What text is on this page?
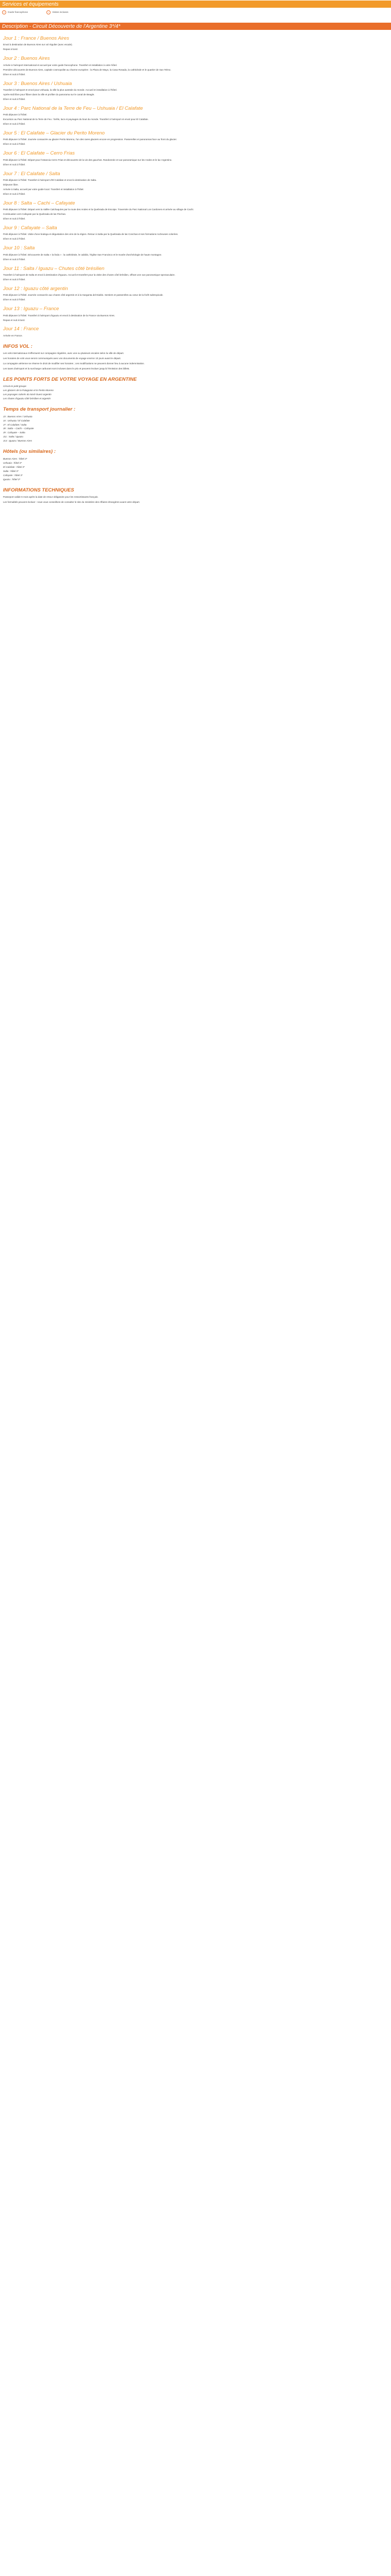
Services et équipements
☺	Guide francophone	✓	Visites incluses
Description - Circuit Découverte de l'Argentine 3*/4*
Jour 1 : France / Buenos Aires

Envol à destination de Buenos Aires sur vol régulier (avec escale).

Repas à bord.

Jour 2 : Buenos Aires

Arrivée à l'aéroport international et accueil par votre guide francophone. Transfert et installation à votre hôtel.

Première découverte de Buenos Aires, capitale cosmopolite au charme européen : la Plaza de Mayo, la Casa Rosada, la cathédrale et le quartier de San Telmo.

Dîner et nuit à l'hôtel.

Jour 3 : Buenos Aires / Ushuaia

Transfert à l'aéroport et envol pour Ushuaia, la ville la plus australe du monde. Accueil et installation à l'hôtel.

Après-midi libre pour flâner dans la ville et profiter du panorama sur le canal de Beagle.

Dîner et nuit à l'hôtel.

Jour 4 : Parc National de la Terre de Feu – Ushuaia / El Calafate

Petit déjeuner à l'hôtel.

Excursion au Parc National de la Terre de Feu : forêts, lacs et paysages du bout du monde. Transfert à l'aéroport et envol pour El Calafate.

Dîner et nuit à l'hôtel.

Jour 5 : El Calafate – Glacier du Perito Moreno

Petit déjeuner à l'hôtel. Journée consacrée au glacier Perito Moreno, l'un des rares glaciers encore en progression. Passerelles et panoramas face au front du glacier.

Dîner et nuit à l'hôtel.

Jour 6 : El Calafate – Cerro Frias

Petit déjeuner à l'hôtel. Départ pour l'estancia Cerro Frias et découverte de la vie des gauchos. Randonnée et vue panoramique sur les Andes et le lac Argentino.

Dîner et nuit à l'hôtel.

Jour 7 : El Calafate / Salta

Petit déjeuner à l'hôtel. Transfert à l'aéroport d'El Calafate et envol à destination de Salta.

Déjeuner libre.

Arrivée à Salta, accueil par votre guide local. Transfert et installation à l'hôtel.

Dîner et nuit à l'hôtel.

Jour 8 : Salta – Cachi – Cafayate

Petit déjeuner à l'hôtel. Départ vers la Vallée Calchaquíes par la route des Andes et la Quebrada de Escoipe. Traversée du Parc National Los Cardones et arrivée au village de Cachi.

Continuation vers Cafayate par la Quebrada de las Flechas.

Dîner et nuit à l'hôtel.

Jour 9 : Cafayate – Salta

Petit déjeuner à l'hôtel. Visite d'une bodega et dégustation des vins de la région. Retour à Salta par la Quebrada de las Conchas et ses formations rocheuses colorées.

Dîner et nuit à l'hôtel.

Jour 10 : Salta

Petit déjeuner à l'hôtel. Découverte de Salta « la linda » : la cathédrale, le cabildo, l'église San Francisco et le musée d'archéologie de haute montagne.

Dîner et nuit à l'hôtel.

Jour 11 : Salta / Iguazu – Chutes côté brésilien

Transfert à l'aéroport de Salta et envol à destination d'Iguazu. Accueil et transfert pour la visite des chutes côté brésilien, offrant une vue panoramique spectaculaire.

Dîner et nuit à l'hôtel.

Jour 12 : Iguazu côté argentin

Petit déjeuner à l'hôtel. Journée consacrée aux chutes côté argentin et à la Garganta del Diablo. Sentiers et passerelles au cœur de la forêt subtropicale.

Dîner et nuit à l'hôtel.

Jour 13 : Iguazu – France

Petit déjeuner à l'hôtel. Transfert à l'aéroport d'Iguazu et envol à destination de la France via Buenos Aires.

Repas et nuit à bord.

Jour 14 : France

Arrivée en France.

INFOS VOL :

Les vols internationaux s'effectuent sur compagnie régulière, avec une ou plusieurs escales selon la ville de départ.

Les horaires de vols vous seront communiqués avec vos documents de voyage environ 10 jours avant le départ.

La compagnie aérienne se réserve le droit de modifier ses horaires ; ces modifications ne peuvent donner lieu à aucune indemnisation.

Les taxes d'aéroport et la surcharge carburant sont incluses dans le prix et peuvent évoluer jusqu'à l'émission des billets.

LES POINTS FORTS DE VOTRE VOYAGE EN ARGENTINE

Circuit en petit groupe

Les glaciers de la Patagonie et le Perito Moreno

Les paysages colorés du Nord-Ouest argentin

Les chutes d'Iguazu côté brésilien et argentin

Temps de transport journalier :

J3 : Buenos Aires / Ushuaia

J4 : Ushuaia / El Calafate

J7 : El Calafate / Salta

J8 : Salta – Cachi – Cafayate

J9 : Cafayate – Salta

J11 : Salta / Iguazu

J13 : Iguazu / Buenos Aires

Hôtels (ou similaires) :

Buenos Aires : hôtel 3*

Ushuaia : hôtel 3*

El Calafate : hôtel 3*

Salta : hôtel 3*

Cafayate : hôtel 3*

Iguazu : hôtel 3*

INFORMATIONS TECHNIQUES

Passeport valide 6 mois après la date de retour obligatoire pour les ressortissants français.

Les formalités peuvent évoluer : nous vous conseillons de consulter le site du ministère des Affaires étrangères avant votre départ.
